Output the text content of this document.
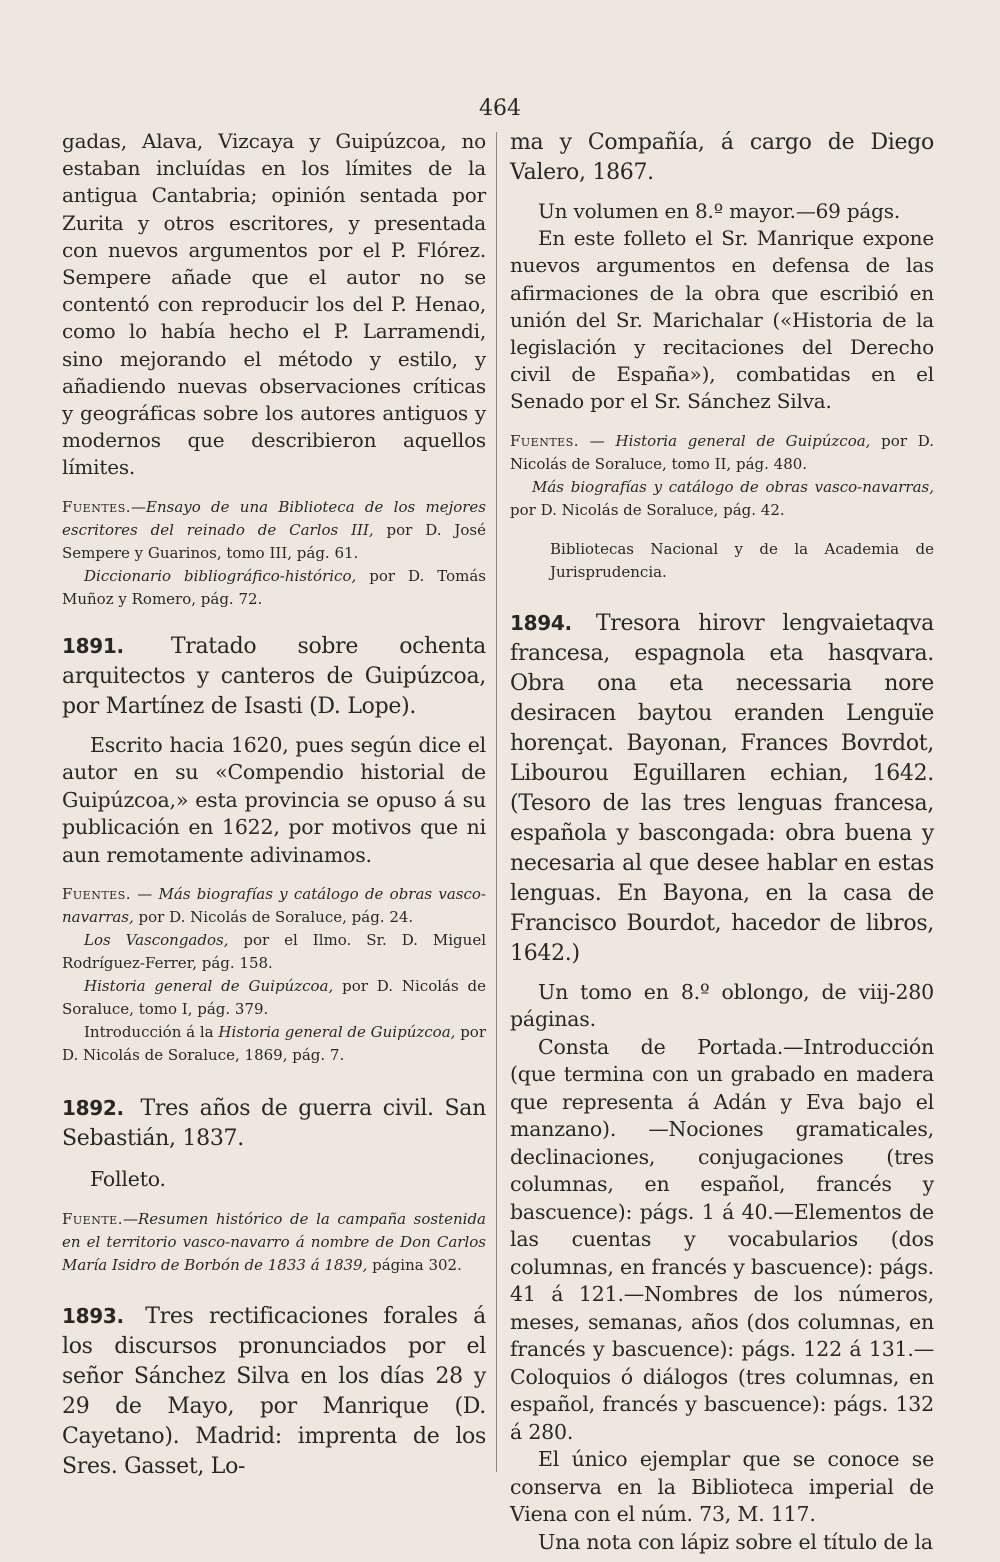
464

gadas, Alava, Vizcaya y Guipúzcoa, no estaban incluídas en los límites de la antigua Cantabria; opinión sentada por Zurita y otros escritores, y presentada con nuevos argumentos por el P. Flórez. Sempere añade que el autor no se contentó con reproducir los del P. Henao, como lo había hecho el P. Larramendi, sino mejorando el método y estilo, y añadiendo nuevas observaciones críticas y geográficas sobre los autores antiguos y modernos que describieron aquellos límites.

Fuentes.—Ensayo de una Biblioteca de los mejores escritores del reinado de Carlos III, por D. José Sempere y Guarinos, tomo III, pág. 61.

Diccionario bibliográfico-histórico, por D. Tomás Muñoz y Romero, pág. 72.

1891. Tratado sobre ochenta arquitectos y canteros de Guipúzcoa, por Martínez de Isasti (D. Lope).

Escrito hacia 1620, pues según dice el autor en su «Compendio historial de Guipúzcoa,» esta provincia se opuso á su publicación en 1622, por motivos que ni aun remotamente adivinamos.

Fuentes. — Más biografías y catálogo de obras vasco-navarras, por D. Nicolás de Soraluce, pág. 24.

Los Vascongados, por el Ilmo. Sr. D. Miguel Rodríguez-Ferrer, pág. 158.

Historia general de Guipúzcoa, por D. Nicolás de Soraluce, tomo I, pág. 379.

Introducción á la Historia general de Guipúzcoa, por D. Nicolás de Soraluce, 1869, pág. 7.

1892. Tres años de guerra civil. San Sebastián, 1837.

Folleto.

Fuente.—Resumen histórico de la campaña sostenida en el territorio vasco-navarro á nombre de Don Carlos María Isidro de Borbón de 1833 á 1839, página 302.

1893. Tres rectificaciones forales á los discursos pronunciados por el señor Sánchez Silva en los días 28 y 29 de Mayo, por Manrique (D. Cayetano). Madrid: imprenta de los Sres. Gasset, Lo-

ma y Compañía, á cargo de Diego Valero, 1867.

Un volumen en 8.º mayor.—69 págs.

En este folleto el Sr. Manrique expone nuevos argumentos en defensa de las afirmaciones de la obra que escribió en unión del Sr. Marichalar («Historia de la legislación y recitaciones del Derecho civil de España»), combatidas en el Senado por el Sr. Sánchez Silva.

Fuentes. — Historia general de Guipúzcoa, por D. Nicolás de Soraluce, tomo II, pág. 480.

Más biografías y catálogo de obras vasco-navarras, por D. Nicolás de Soraluce, pág. 42.

Bibliotecas Nacional y de la Academia de Jurisprudencia.

1894. Tresora hirovr lengvaietaqva francesa, espagnola eta hasqvara. Obra ona eta necessaria nore desiracen baytou eranden Lenguïe horençat. Bayonan, Frances Bovrdot, Libourou Eguillaren echian, 1642. (Tesoro de las tres lenguas francesa, española y bascongada: obra buena y necesaria al que desee hablar en estas lenguas. En Bayona, en la casa de Francisco Bourdot, hacedor de libros, 1642.)

Un tomo en 8.º oblongo, de viij-280 páginas.

Consta de Portada.—Introducción (que termina con un grabado en madera que representa á Adán y Eva bajo el manzano). —Nociones gramaticales, declinaciones, conjugaciones (tres columnas, en español, francés y bascuence): págs. 1 á 40.—Elementos de las cuentas y vocabularios (dos columnas, en francés y bascuence): págs. 41 á 121.—Nombres de los números, meses, semanas, años (dos columnas, en francés y bascuence): págs. 122 á 131.—Coloquios ó diálogos (tres columnas, en español, francés y bascuence): págs. 132 á 280.

El único ejemplar que se conoce se conserva en la Biblioteca imperial de Viena con el núm. 73, M. 117.

Una nota con lápiz sobre el título de la
